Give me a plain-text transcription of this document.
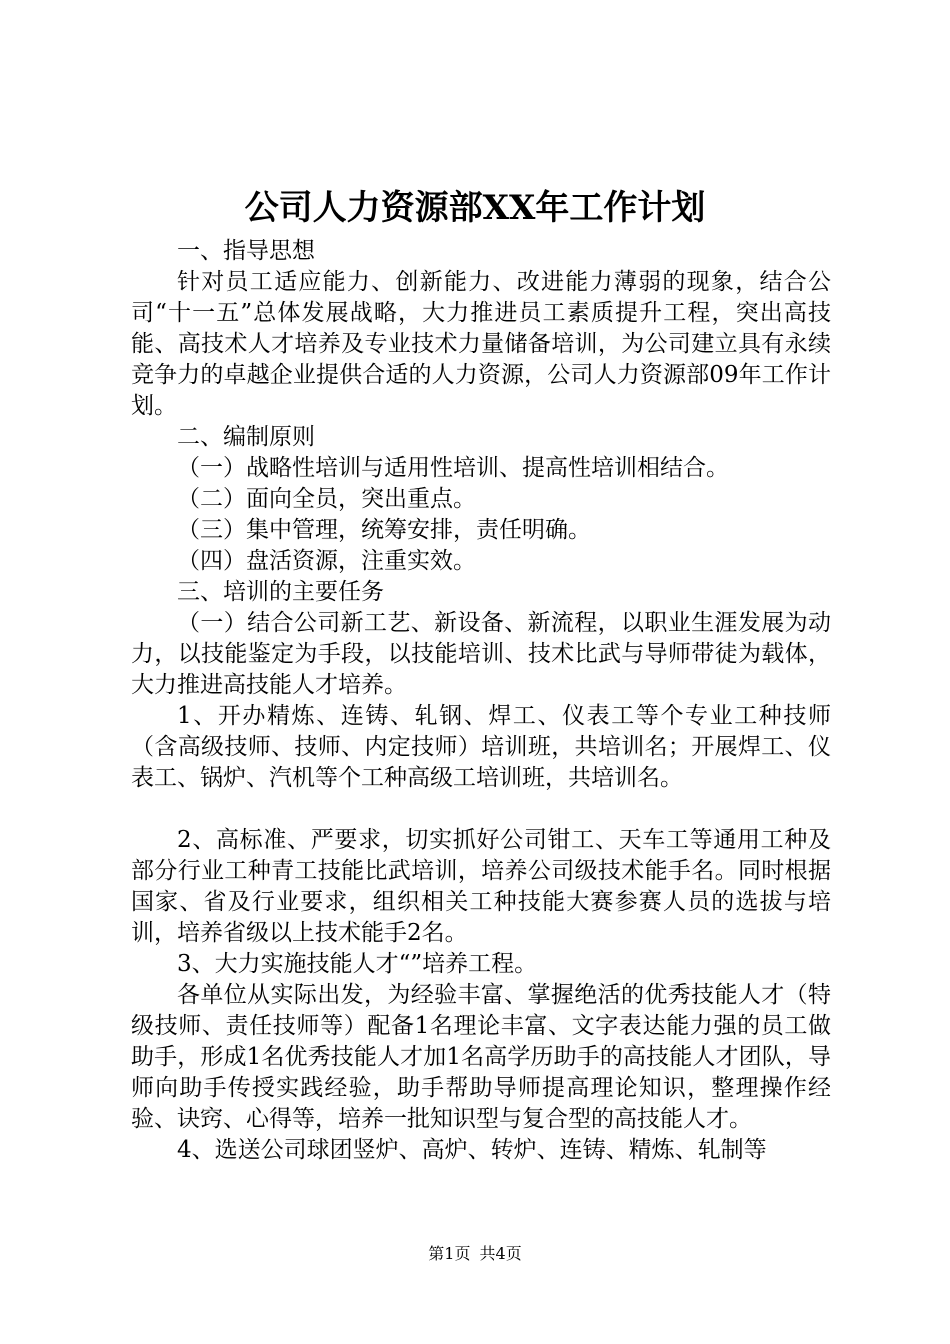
公司人力资源部XX年工作计划

一、指导思想

针对员工适应能力、创新能力、改进能力薄弱的现象，结合公司“十一五”总体发展战略，大力推进员工素质提升工程，突出高技能、高技术人才培养及专业技术力量储备培训，为公司建立具有永续竞争力的卓越企业提供合适的人力资源，公司人力资源部09年工作计划。

二、编制原则

（一）战略性培训与适用性培训、提高性培训相结合。

（二）面向全员，突出重点。

（三）集中管理，统筹安排，责任明确。

（四）盘活资源，注重实效。

三、培训的主要任务

（一）结合公司新工艺、新设备、新流程，以职业生涯发展为动力，以技能鉴定为手段，以技能培训、技术比武与导师带徒为载体，大力推进高技能人才培养。

1、开办精炼、连铸、轧钢、焊工、仪表工等个专业工种技师（含高级技师、技师、内定技师）培训班，共培训名；开展焊工、仪表工、锅炉、汽机等个工种高级工培训班，共培训名。

2、高标准、严要求，切实抓好公司钳工、天车工等通用工种及部分行业工种青工技能比武培训，培养公司级技术能手名。同时根据国家、省及行业要求，组织相关工种技能大赛参赛人员的选拔与培训，培养省级以上技术能手2名。

3、大力实施技能人才“”培养工程。

各单位从实际出发，为经验丰富、掌握绝活的优秀技能人才（特级技师、责任技师等）配备1名理论丰富、文字表达能力强的员工做助手，形成1名优秀技能人才加1名高学历助手的高技能人才团队，导师向助手传授实践经验，助手帮助导师提高理论知识，整理操作经验、诀窍、心得等，培养一批知识型与复合型的高技能人才。

4、选送公司球团竖炉、高炉、转炉、连铸、精炼、轧制等

第1页 共4页
